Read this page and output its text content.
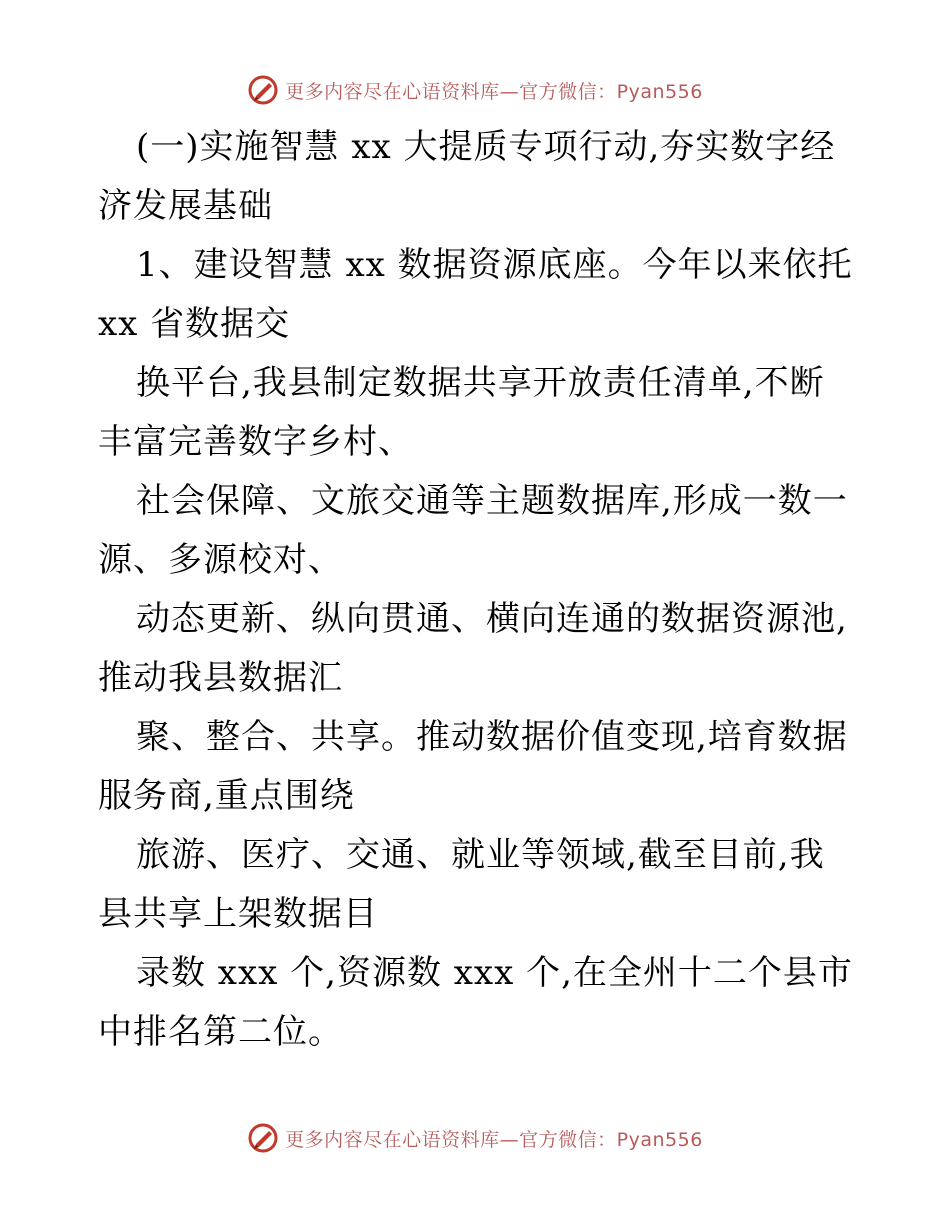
更多内容尽在心语资料库—官方微信：Pyan556

(一)实施智慧 xx 大提质专项行动,夯实数字经济发展基础

1、建设智慧 xx 数据资源底座。今年以来依托 xx 省数据交

换平台,我县制定数据共享开放责任清单,不断丰富完善数字乡村、

社会保障、文旅交通等主题数据库,形成一数一源、多源校对、

动态更新、纵向贯通、横向连通的数据资源池,推动我县数据汇

聚、整合、共享。推动数据价值变现,培育数据服务商,重点围绕

旅游、医疗、交通、就业等领域,截至目前,我县共享上架数据目

录数 xxx 个,资源数 xxx 个,在全州十二个县市中排名第二位。

更多内容尽在心语资料库—官方微信：Pyan556
